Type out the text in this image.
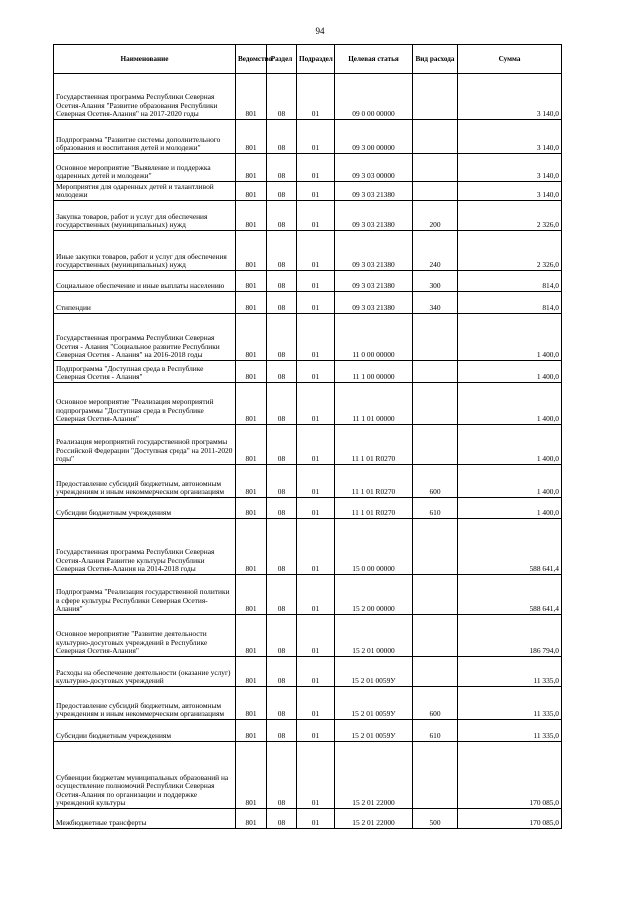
94
Наименование	Ведомство	Раздел	Подраздел	Целевая статья	Вид расхода	Сумма
Государственная программа Республики Северная Осетия-Алания "Развитие образования Республики Северная Осетия-Алания" на 2017-2020 годы	801	08	01	09 0 00 00000		3 140,0
Подпрограмма "Развитие системы дополнительного образования и воспитания детей и молодежи"	801	08	01	09 3 00 00000		3 140,0
Основное мероприятие "Выявление и поддержка одаренных детей и молодежи"	801	08	01	09 3 03 00000		3 140,0
Мероприятия для одаренных детей и талантливой молодежи	801	08	01	09 3 03 21380		3 140,0
Закупка товаров, работ и услуг для обеспечения государственных (муниципальных) нужд	801	08	01	09 3 03 21380	200	2 326,0
Иные закупки товаров, работ и услуг для обеспечения государственных (муниципальных) нужд	801	08	01	09 3 03 21380	240	2 326,0
Социальное обеспечение и иные выплаты населению	801	08	01	09 3 03 21380	300	814,0
Стипендии	801	08	01	09 3 03 21380	340	814,0
Государственная программа Республики Северная Осетия - Алания "Социальное развитие Республики Северная Осетия - Алания" на 2016-2018 годы	801	08	01	11 0 00 00000		1 400,0
Подпрограмма "Доступная среда в Республике Северная Осетия - Алания"	801	08	01	11 1 00 00000		1 400,0
Основное мероприятие "Реализация мероприятий подпрограммы "Доступная среда в Республике Северная Осетия-Алания"	801	08	01	11 1 01 00000		1 400,0
Реализация мероприятий государственной программы Российской Федерации "Доступная среда" на 2011-2020 годы"	801	08	01	11 1 01 R0270		1 400,0
Предоставление субсидий бюджетным, автономным учреждениям и иным некоммерческим организациям	801	08	01	11 1 01 R0270	600	1 400,0
Субсидии бюджетным учреждениям	801	08	01	11 1 01 R0270	610	1 400,0
Государственная программа Республики Северная Осетия-Алания Развитие культуры Республики Северная Осетия-Алания на 2014-2018 годы	801	08	01	15 0 00 00000		588 641,4
Подпрограмма "Реализация государственной политики в сфере культуры Республики Северная Осетия-Алания"	801	08	01	15 2 00 00000		588 641,4
Основное мероприятие "Развитие деятельности культурно-досуговых учреждений в Республике Северная Осетия-Алания"	801	08	01	15 2 01 00000		186 794,0
Расходы на обеспечение деятельности (оказание услуг) культурно-досуговых учреждений	801	08	01	15 2 01 0059У		11 335,0
Предоставление субсидий бюджетным, автономным учреждениям и иным некоммерческим организациям	801	08	01	15 2 01 0059У	600	11 335,0
Субсидии бюджетным учреждениям	801	08	01	15 2 01 0059У	610	11 335,0
Субвенции бюджетам муниципальных образований на осуществление полномочий Республики Северная Осетия-Алания по организации и поддержке учреждений культуры	801	08	01	15 2 01 22000		170 085,0
Межбюджетные трансферты	801	08	01	15 2 01 22000	500	170 085,0
